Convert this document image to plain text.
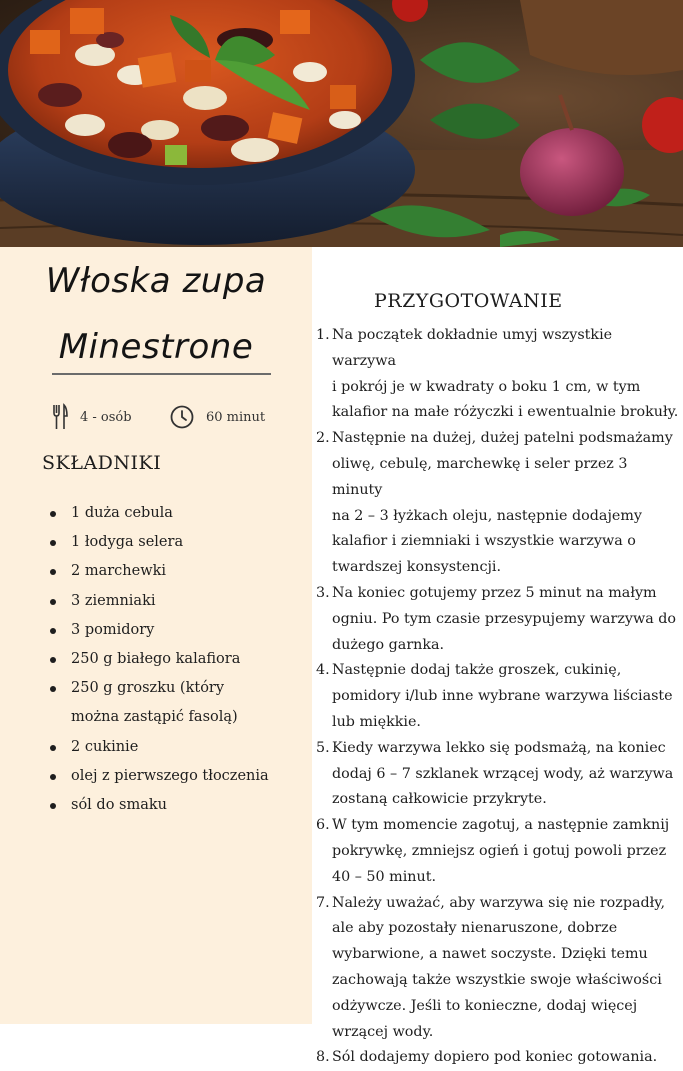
Włoska zupa
Minestrone
4 - osób	60 minut
SKŁADNIKI
1 duża cebula
1 łodyga selera
2 marchewki
3 ziemniaki
3 pomidory
250 g białego kalafiora
250 g groszku (który
można zastąpić fasolą)
2 cukinie
olej z pierwszego tłoczenia
sól do smaku
PRZYGOTOWANIE
1. Na początek dokładnie umyj wszystkie warzywa
i pokrój je w kwadraty o boku 1 cm, w tym
kalafior na małe różyczki i ewentualnie brokuły.
2. Następnie na dużej, dużej patelni podsmażamy
oliwę, cebulę, marchewkę i seler przez 3 minuty
na 2 – 3 łyżkach oleju, następnie dodajemy
kalafior i ziemniaki i wszystkie warzywa o
twardszej konsystencji.
3. Na koniec gotujemy przez 5 minut na małym
ogniu. Po tym czasie przesypujemy warzywa do
dużego garnka.
4. Następnie dodaj także groszek, cukinię,
pomidory i/lub inne wybrane warzywa liściaste
lub miękkie.
5. Kiedy warzywa lekko się podsmażą, na koniec
dodaj 6 – 7 szklanek wrzącej wody, aż warzywa
zostaną całkowicie przykryte.
6. W tym momencie zagotuj, a następnie zamknij
pokrywkę, zmniejsz ogień i gotuj powoli przez
40 – 50 minut.
7. Należy uważać, aby warzywa się nie rozpadły,
ale aby pozostały nienaruszone, dobrze
wybarwione, a nawet soczyste. Dzięki temu
zachowają także wszystkie swoje właściwości
odżywcze. Jeśli to konieczne, dodaj więcej
wrzącej wody.
8. Sól dodajemy dopiero pod koniec gotowania.
